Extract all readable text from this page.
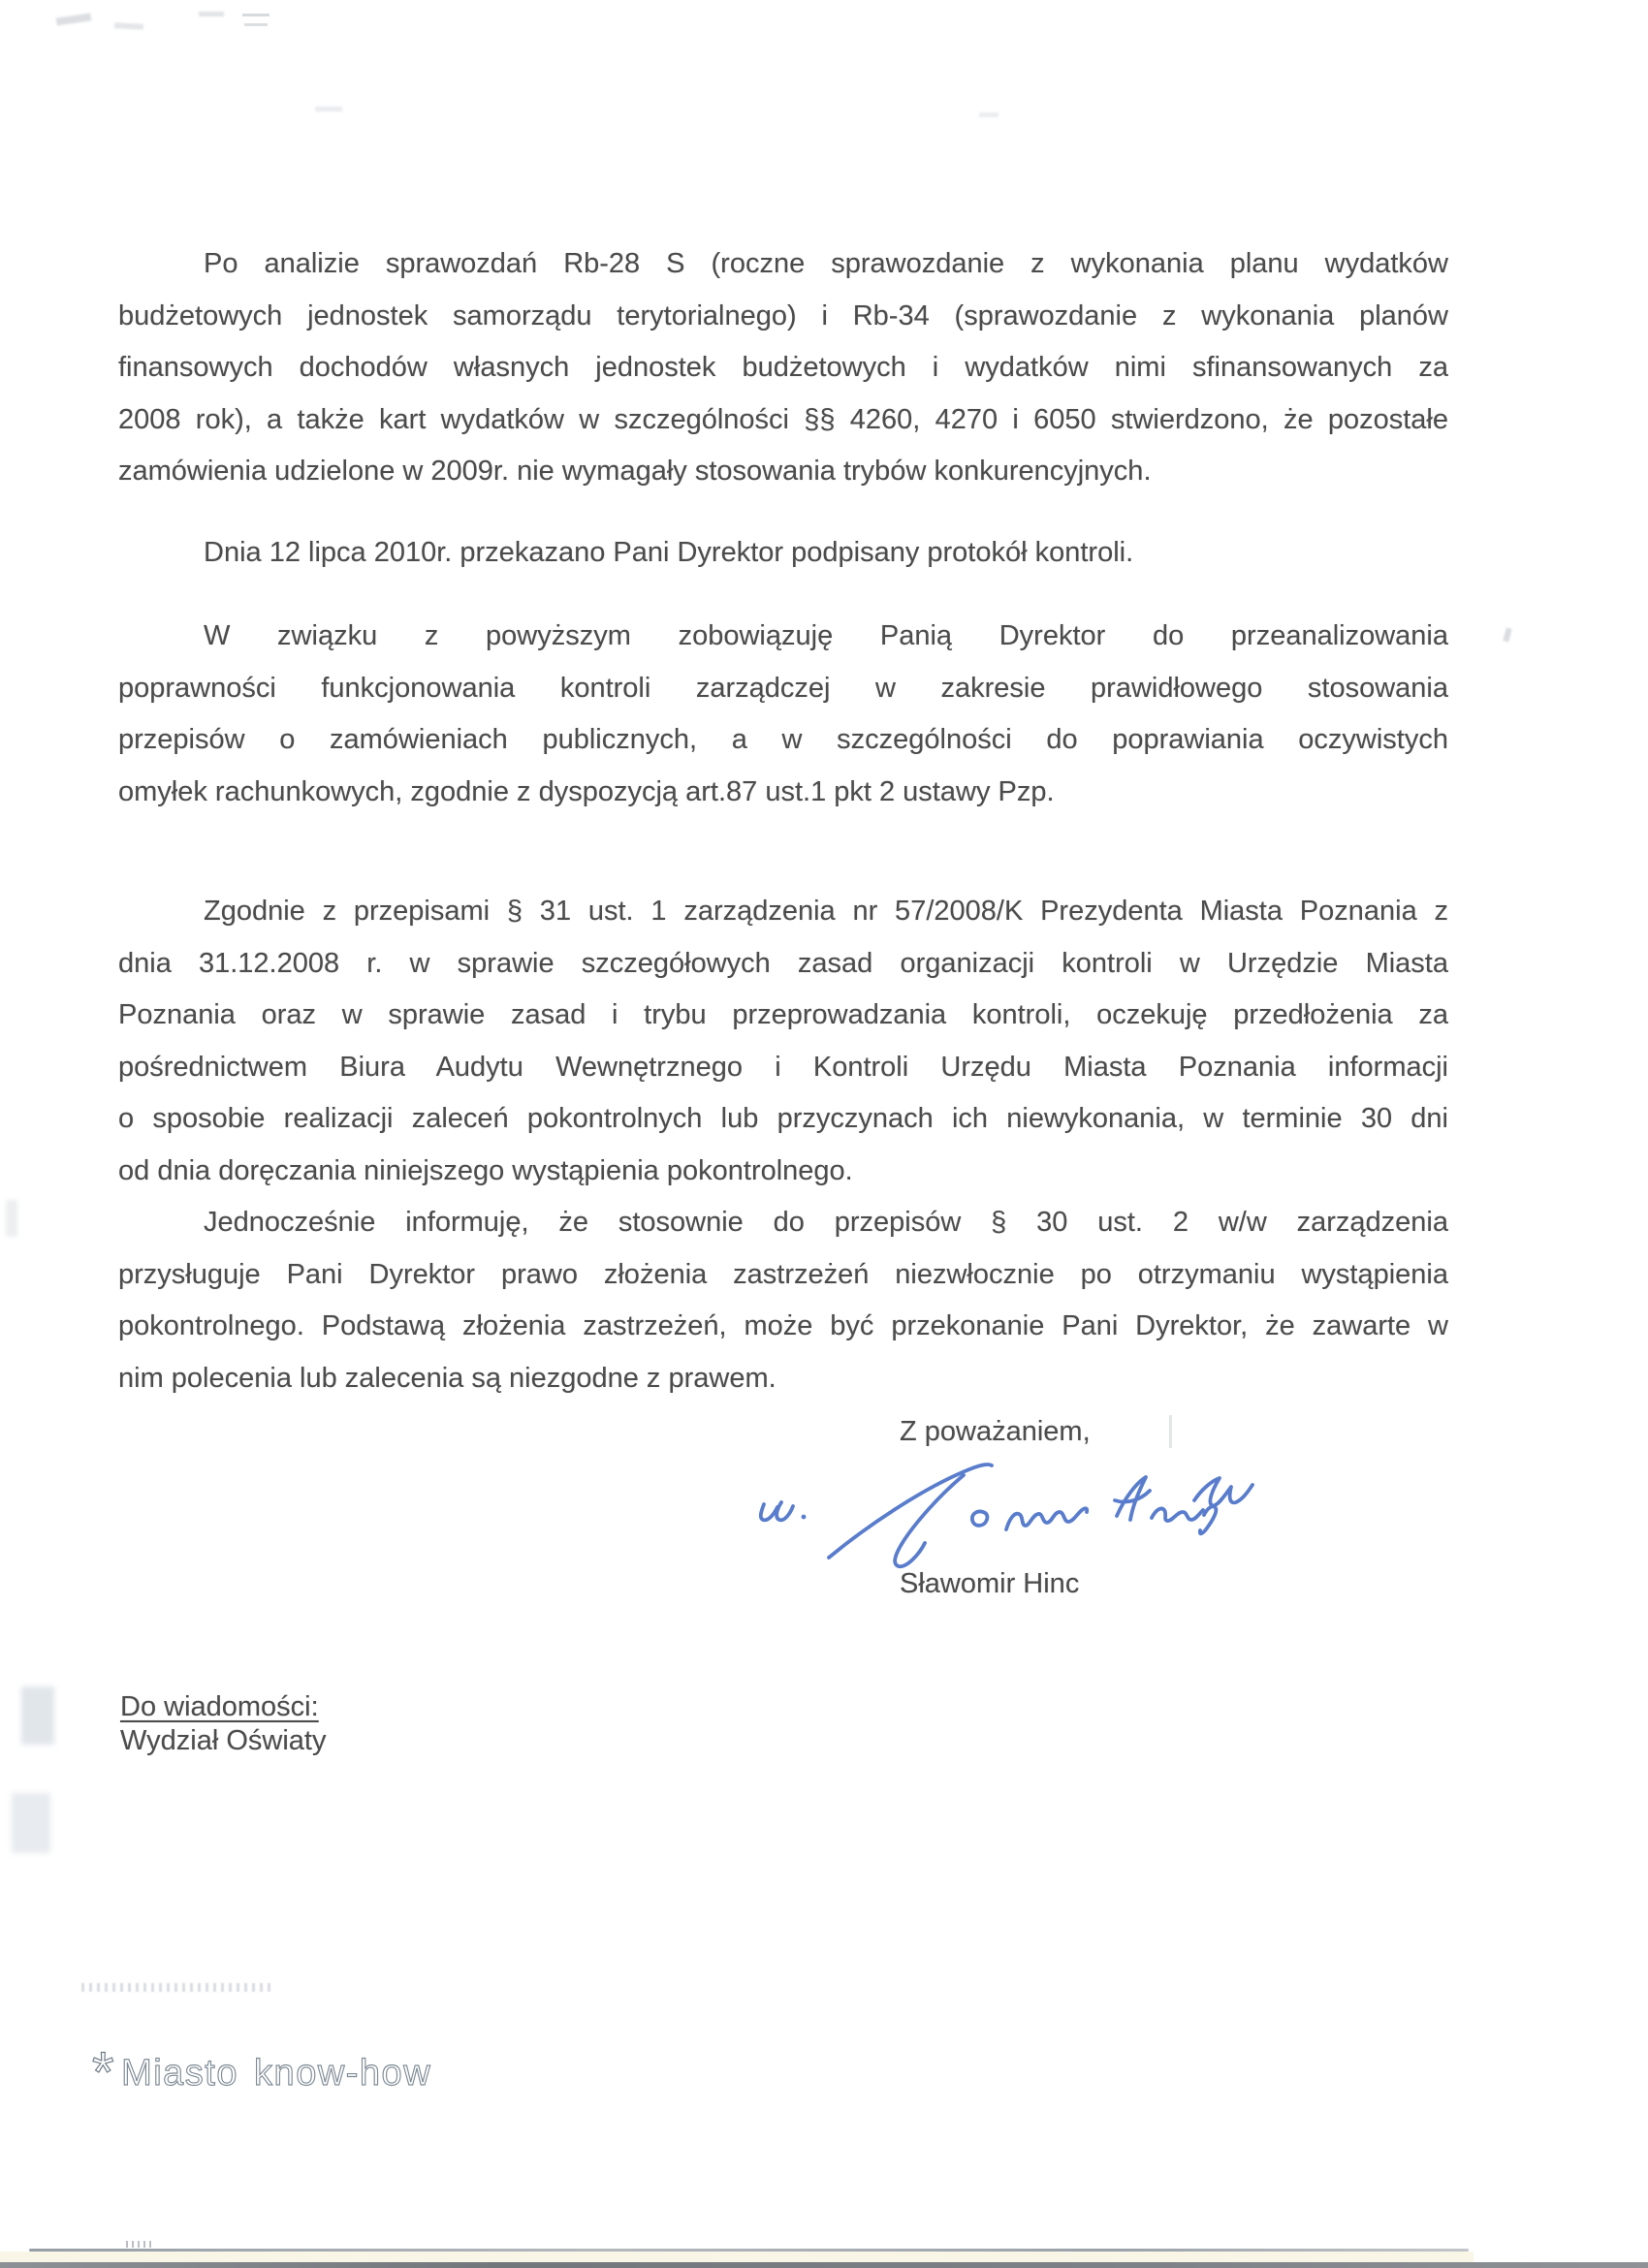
Po analizie sprawozdań Rb-28 S (roczne sprawozdanie z wykonania planu wydatków
budżetowych jednostek samorządu terytorialnego) i Rb-34 (sprawozdanie z wykonania planów
finansowych dochodów własnych jednostek budżetowych i wydatków nimi sfinansowanych za
2008 rok), a także kart wydatków w szczególności §§ 4260, 4270 i 6050 stwierdzono, że pozostałe
zamówienia udzielone w 2009r. nie wymagały stosowania trybów konkurencyjnych.
Dnia 12 lipca 2010r. przekazano Pani Dyrektor podpisany protokół kontroli.
W związku z powyższym zobowiązuję Panią Dyrektor do przeanalizowania
poprawności funkcjonowania kontroli zarządczej w zakresie prawidłowego stosowania
przepisów o zamówieniach publicznych, a w szczególności do poprawiania oczywistych
omyłek rachunkowych, zgodnie z dyspozycją art.87 ust.1 pkt 2 ustawy Pzp.
Zgodnie z przepisami § 31 ust. 1 zarządzenia nr 57/2008/K Prezydenta Miasta Poznania z
dnia 31.12.2008 r. w sprawie szczegółowych zasad organizacji kontroli w Urzędzie Miasta
Poznania oraz w sprawie zasad i trybu przeprowadzania kontroli, oczekuję przedłożenia za
pośrednictwem Biura Audytu Wewnętrznego i Kontroli Urzędu Miasta Poznania informacji
o sposobie realizacji zaleceń pokontrolnych lub przyczynach ich niewykonania, w terminie 30 dni
od dnia doręczania niniejszego wystąpienia pokontrolnego.
Jednocześnie informuję, że stosownie do przepisów § 30 ust. 2 w/w zarządzenia
przysługuje Pani Dyrektor prawo złożenia zastrzeżeń niezwłocznie po otrzymaniu wystąpienia
pokontrolnego. Podstawą złożenia zastrzeżeń, może być przekonanie Pani Dyrektor, że zawarte w
nim polecenia lub zalecenia są niezgodne z prawem.
Z poważaniem,
Sławomir Hinc
Do wiadomości:
Wydział Oświaty
* Miasto know-how
